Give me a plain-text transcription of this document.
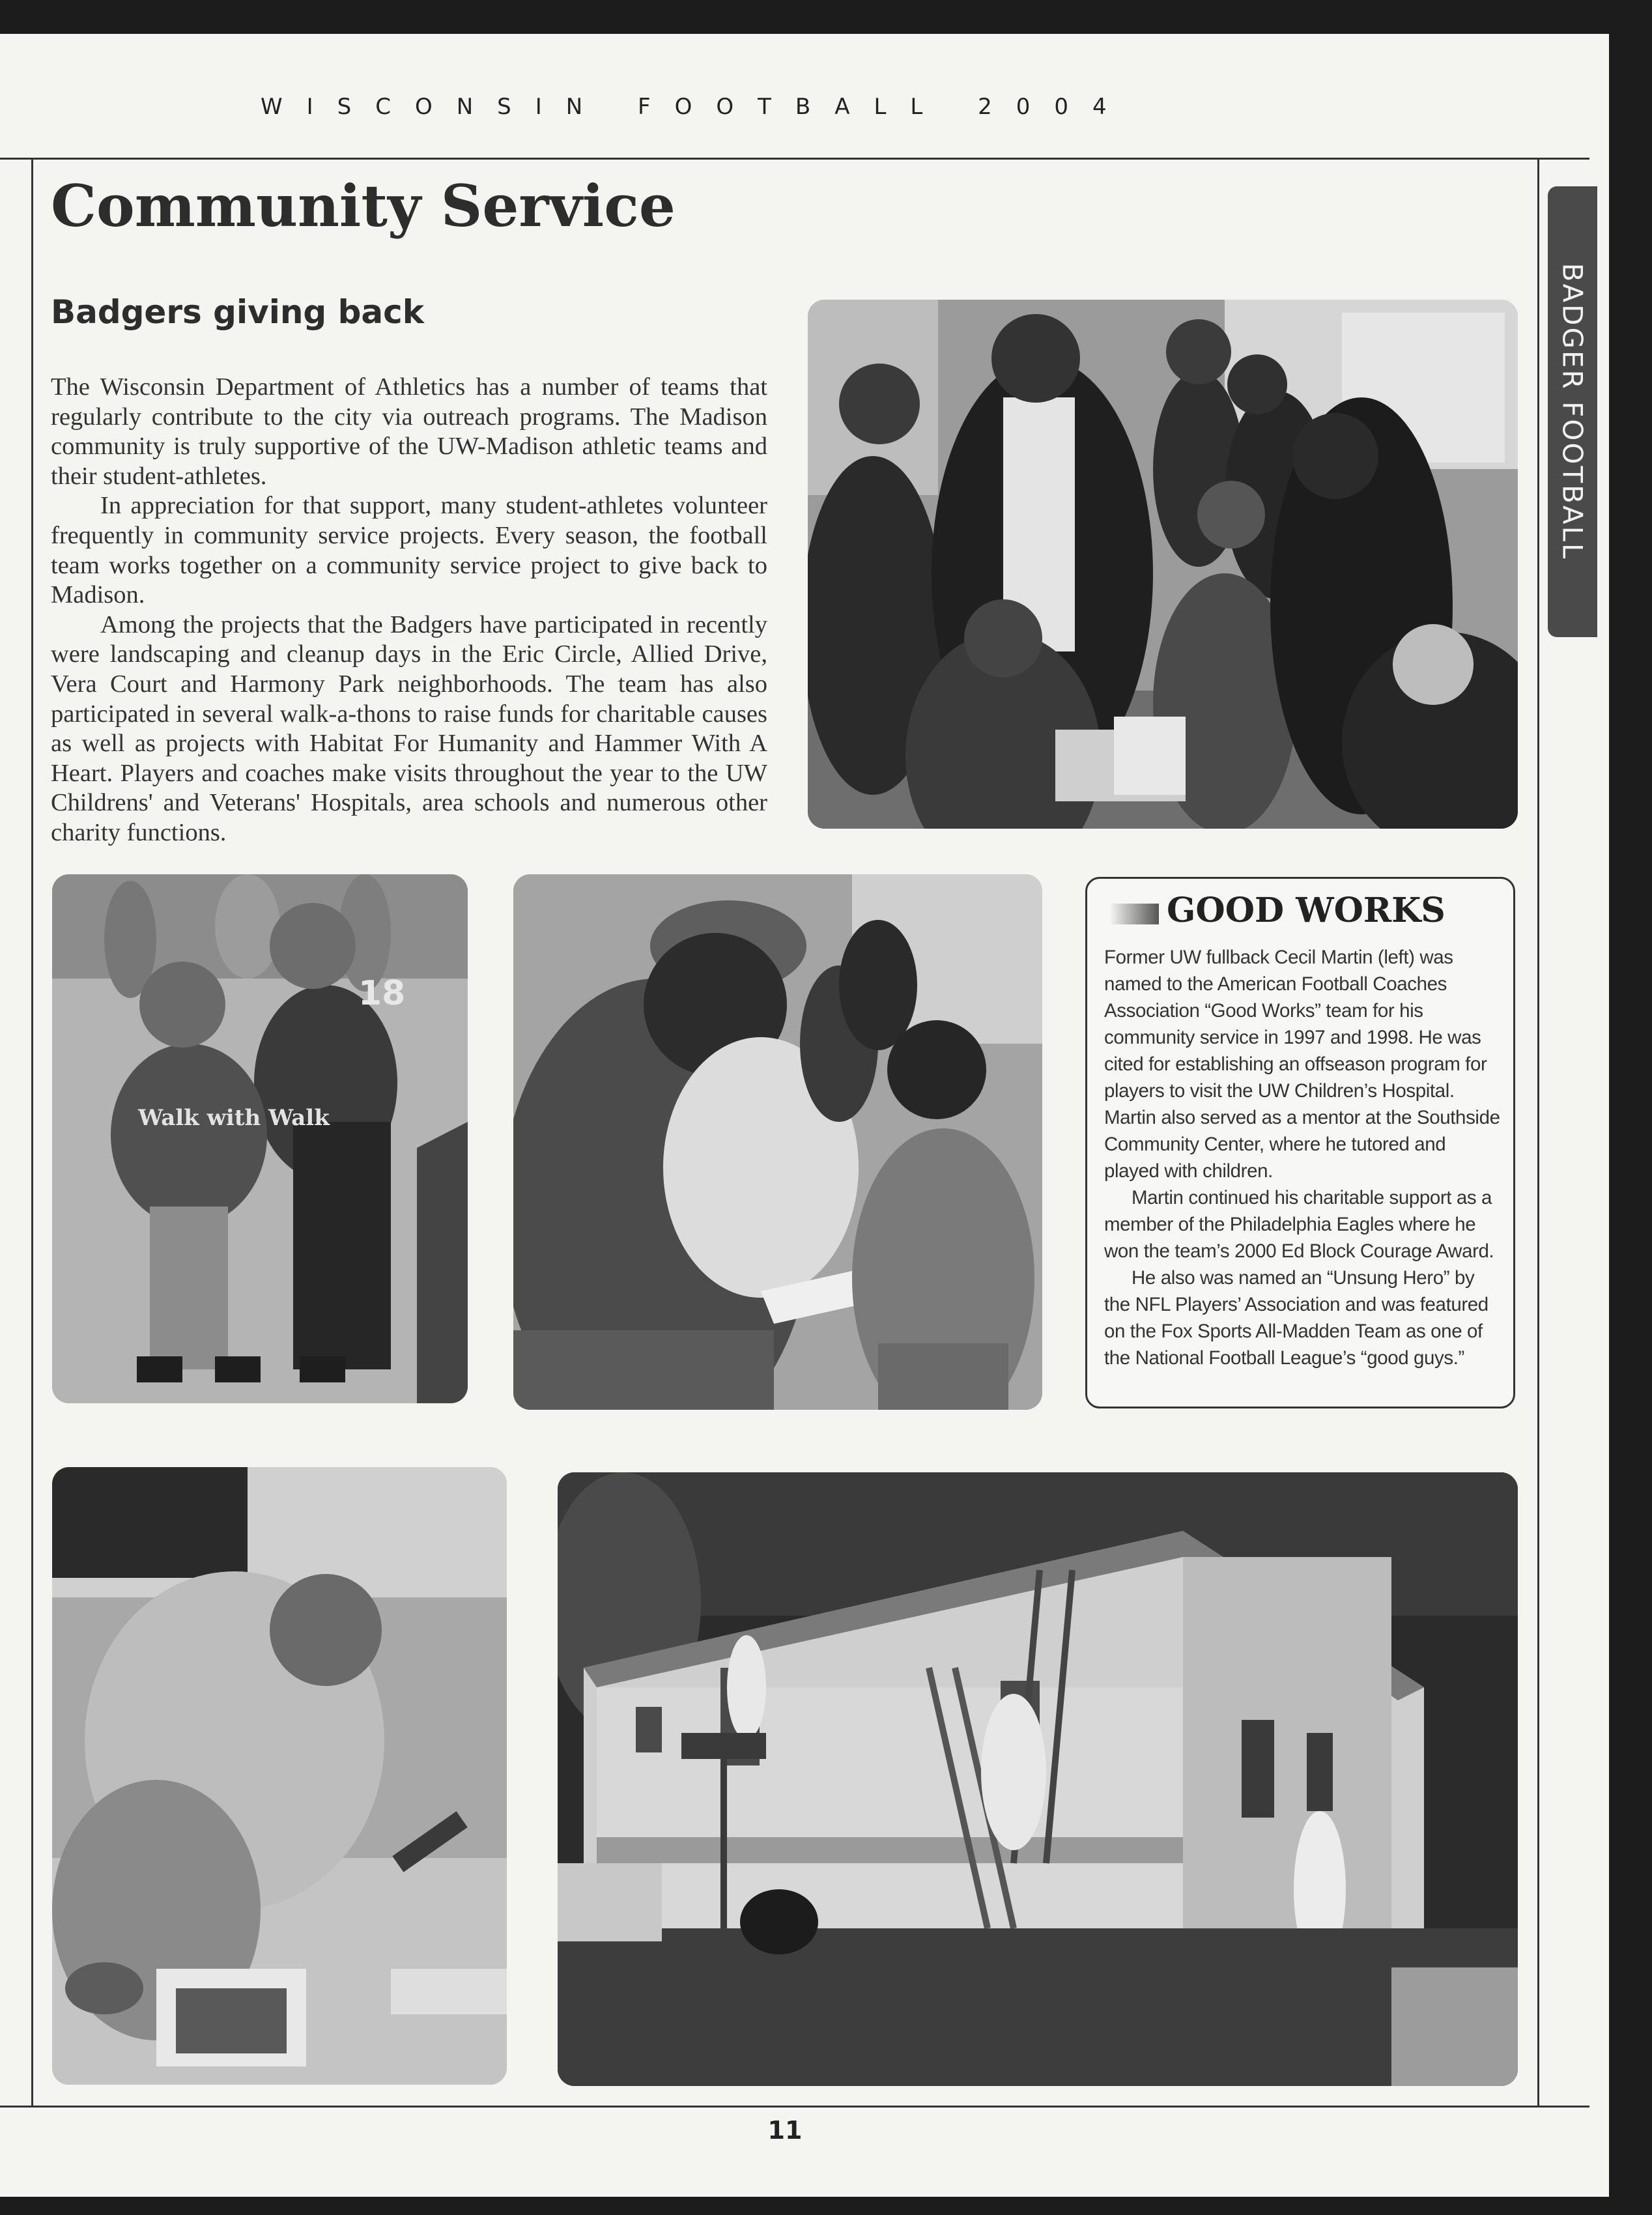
WISCONSIN FOOTBALL 2004
BADGER FOOTBALL
Community Service
Badgers giving back

The Wisconsin Department of Athletics has a number of teams that regularly contribute to the city via outreach programs. The Madison community is truly supportive of the UW-Madison athletic teams and their student-athletes.

In appreciation for that support, many student-athletes volunteer frequently in community service projects. Every season, the football team works together on a community service project to give back to Madison.

Among the projects that the Badgers have participated in recently were landscaping and cleanup days in the Eric Circle, Allied Drive, Vera Court and Harmony Park neighborhoods. The team has also participated in several walk-a-thons to raise funds for charitable causes as well as projects with Habitat For Humanity and Hammer With A Heart. Players and coaches make visits throughout the year to the UW Childrens' and Veterans' Hospitals, area schools and numerous other charity functions.

18
Walk with Walk
GOOD WORKS

Former UW fullback Cecil Martin (left) was named to the American Football Coaches Association “Good Works” team for his community service in 1997 and 1998. He was cited for establishing an offseason program for players to visit the UW Children’s Hospital. Martin also served as a mentor at the Southside Community Center, where he tutored and played with children.

Martin continued his charitable support as a member of the Philadelphia Eagles where he won the team’s 2000 Ed Block Courage Award.

He also was named an “Unsung Hero” by the NFL Players’ Association and was featured on the Fox Sports All-Madden Team as one of the National Football League’s “good guys.”

11
